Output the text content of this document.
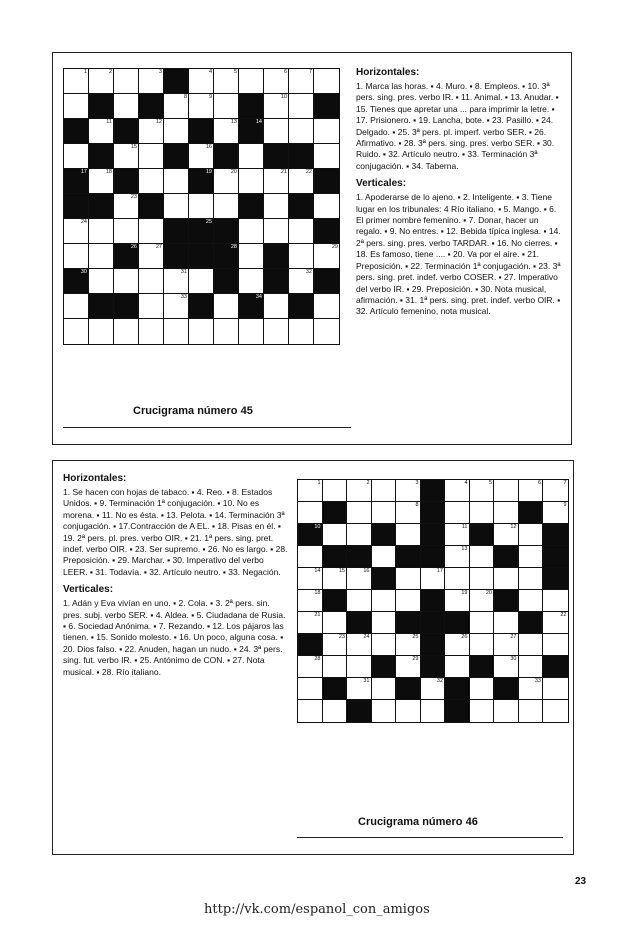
1	2	3	4	5	6	7
8	9	10
11	12	13	14
15	16
17	18	19	20	21	22
23
24	25
26	27	28	29
30	31	32
33	34
Horizontales:

1. Marca las horas. ▪ 4. Muro. ▪ 8. Empleos. ▪ 10. 3ª pers. sing. pres. verbo IR. ▪ 11. Animal. ▪ 13. Anudar. ▪ 15. Tienes que apretar una ... para imprimir la letre. ▪ 17. Prisionero. ▪ 19. Lancha, bote. ▪ 23. Pasillo. ▪ 24. Delgado. ▪ 25. 3ª pers. pl. imperf. verbo SER. ▪ 26. Afirmativo. ▪ 28. 3ª pers. sing. pres. verbo SER. ▪ 30. Ruido. ▪ 32. Artículo neutro. ▪ 33. Terminación 3ª conjugación. ▪ 34. Taberna.

Verticales:

1. Apoderarse de lo ajeno. ▪ 2. Inteligente. ▪ 3. Tiene lugar en los tribunales: 4 Río italiano. ▪ 5. Mango. ▪ 6. El primer nombre femenino. ▪ 7. Donar, hacer un regalo. ▪ 9. No entres. ▪ 12. Bebida típica inglesa. ▪ 14. 2ª pers. sing. pres. verbo TARDAR. ▪ 16. No cierres. ▪ 18. Es famoso, tiene .... ▪ 20. Va por el aire. ▪ 21. Preposición. ▪ 22. Terminación 1ª conjugación. ▪ 23. 3ª pers. sing. pret. indef. verbo COSER. ▪ 27. Imperativo del verbo IR. ▪ 29. Preposición. ▪ 30. Nota musical, afirmación. ▪ 31. 1ª pers. sing. pret. indef. verbo OIR. ▪ 32. Artículo femenino, nota musical.

Crucigrama número 45
Horizontales:

1. Se hacen con hojas de tabaco. ▪ 4. Reo. ▪ 8. Estados Unidos. ▪ 9. Terminación 1ª conjugación. ▪ 10. No es morena. ▪ 11. No es ésta. ▪ 13. Pelota. ▪ 14. Terminación 3ª conjugación. ▪ 17.Contracción de A EL. ▪ 18. Pisas en él. ▪ 19. 2ª pers. pl. pres. verbo OIR. ▪ 21. 1ª pers. sing. pret. indef. verbo OIR. ▪ 23. Ser supremo. ▪ 26. No es largo. ▪ 28. Preposición. ▪ 29. Marchar. ▪ 30. Imperativo del verbo LEER. ▪ 31. Todavía. ▪ 32. Artículo neutro. ▪ 33. Negación.

Verticales:

1. Adán y Eva vivían en uno. ▪ 2. Cola. ▪ 3. 2ª pers. sin. pres. subj. verbo SER. ▪ 4. Aldea. ▪ 5. Ciudadana de Rusia. ▪ 6. Sociedad Anónima. ▪ 7. Rezando. ▪ 12. Los pájaros las tienen. ▪ 15. Sonido molesto. ▪ 16. Un poco, alguna cosa. ▪ 20. Dios falso. ▪ 22. Anuden, hagan un nudo. ▪ 24. 3ª pers. sing. fut. verbo IR. ▪ 25. Antónimo de CON. ▪ 27. Nota musical. ▪ 28. Río italiano.

1	2	3	4	5	6	7
8	9
10	11	12
13
14	15	16	17
18	19	20
21	22
23	24	25	26	27
28	29	30
31	32	33
Crucigrama número 46
23
http://vk.com/espanol_con_amigos
